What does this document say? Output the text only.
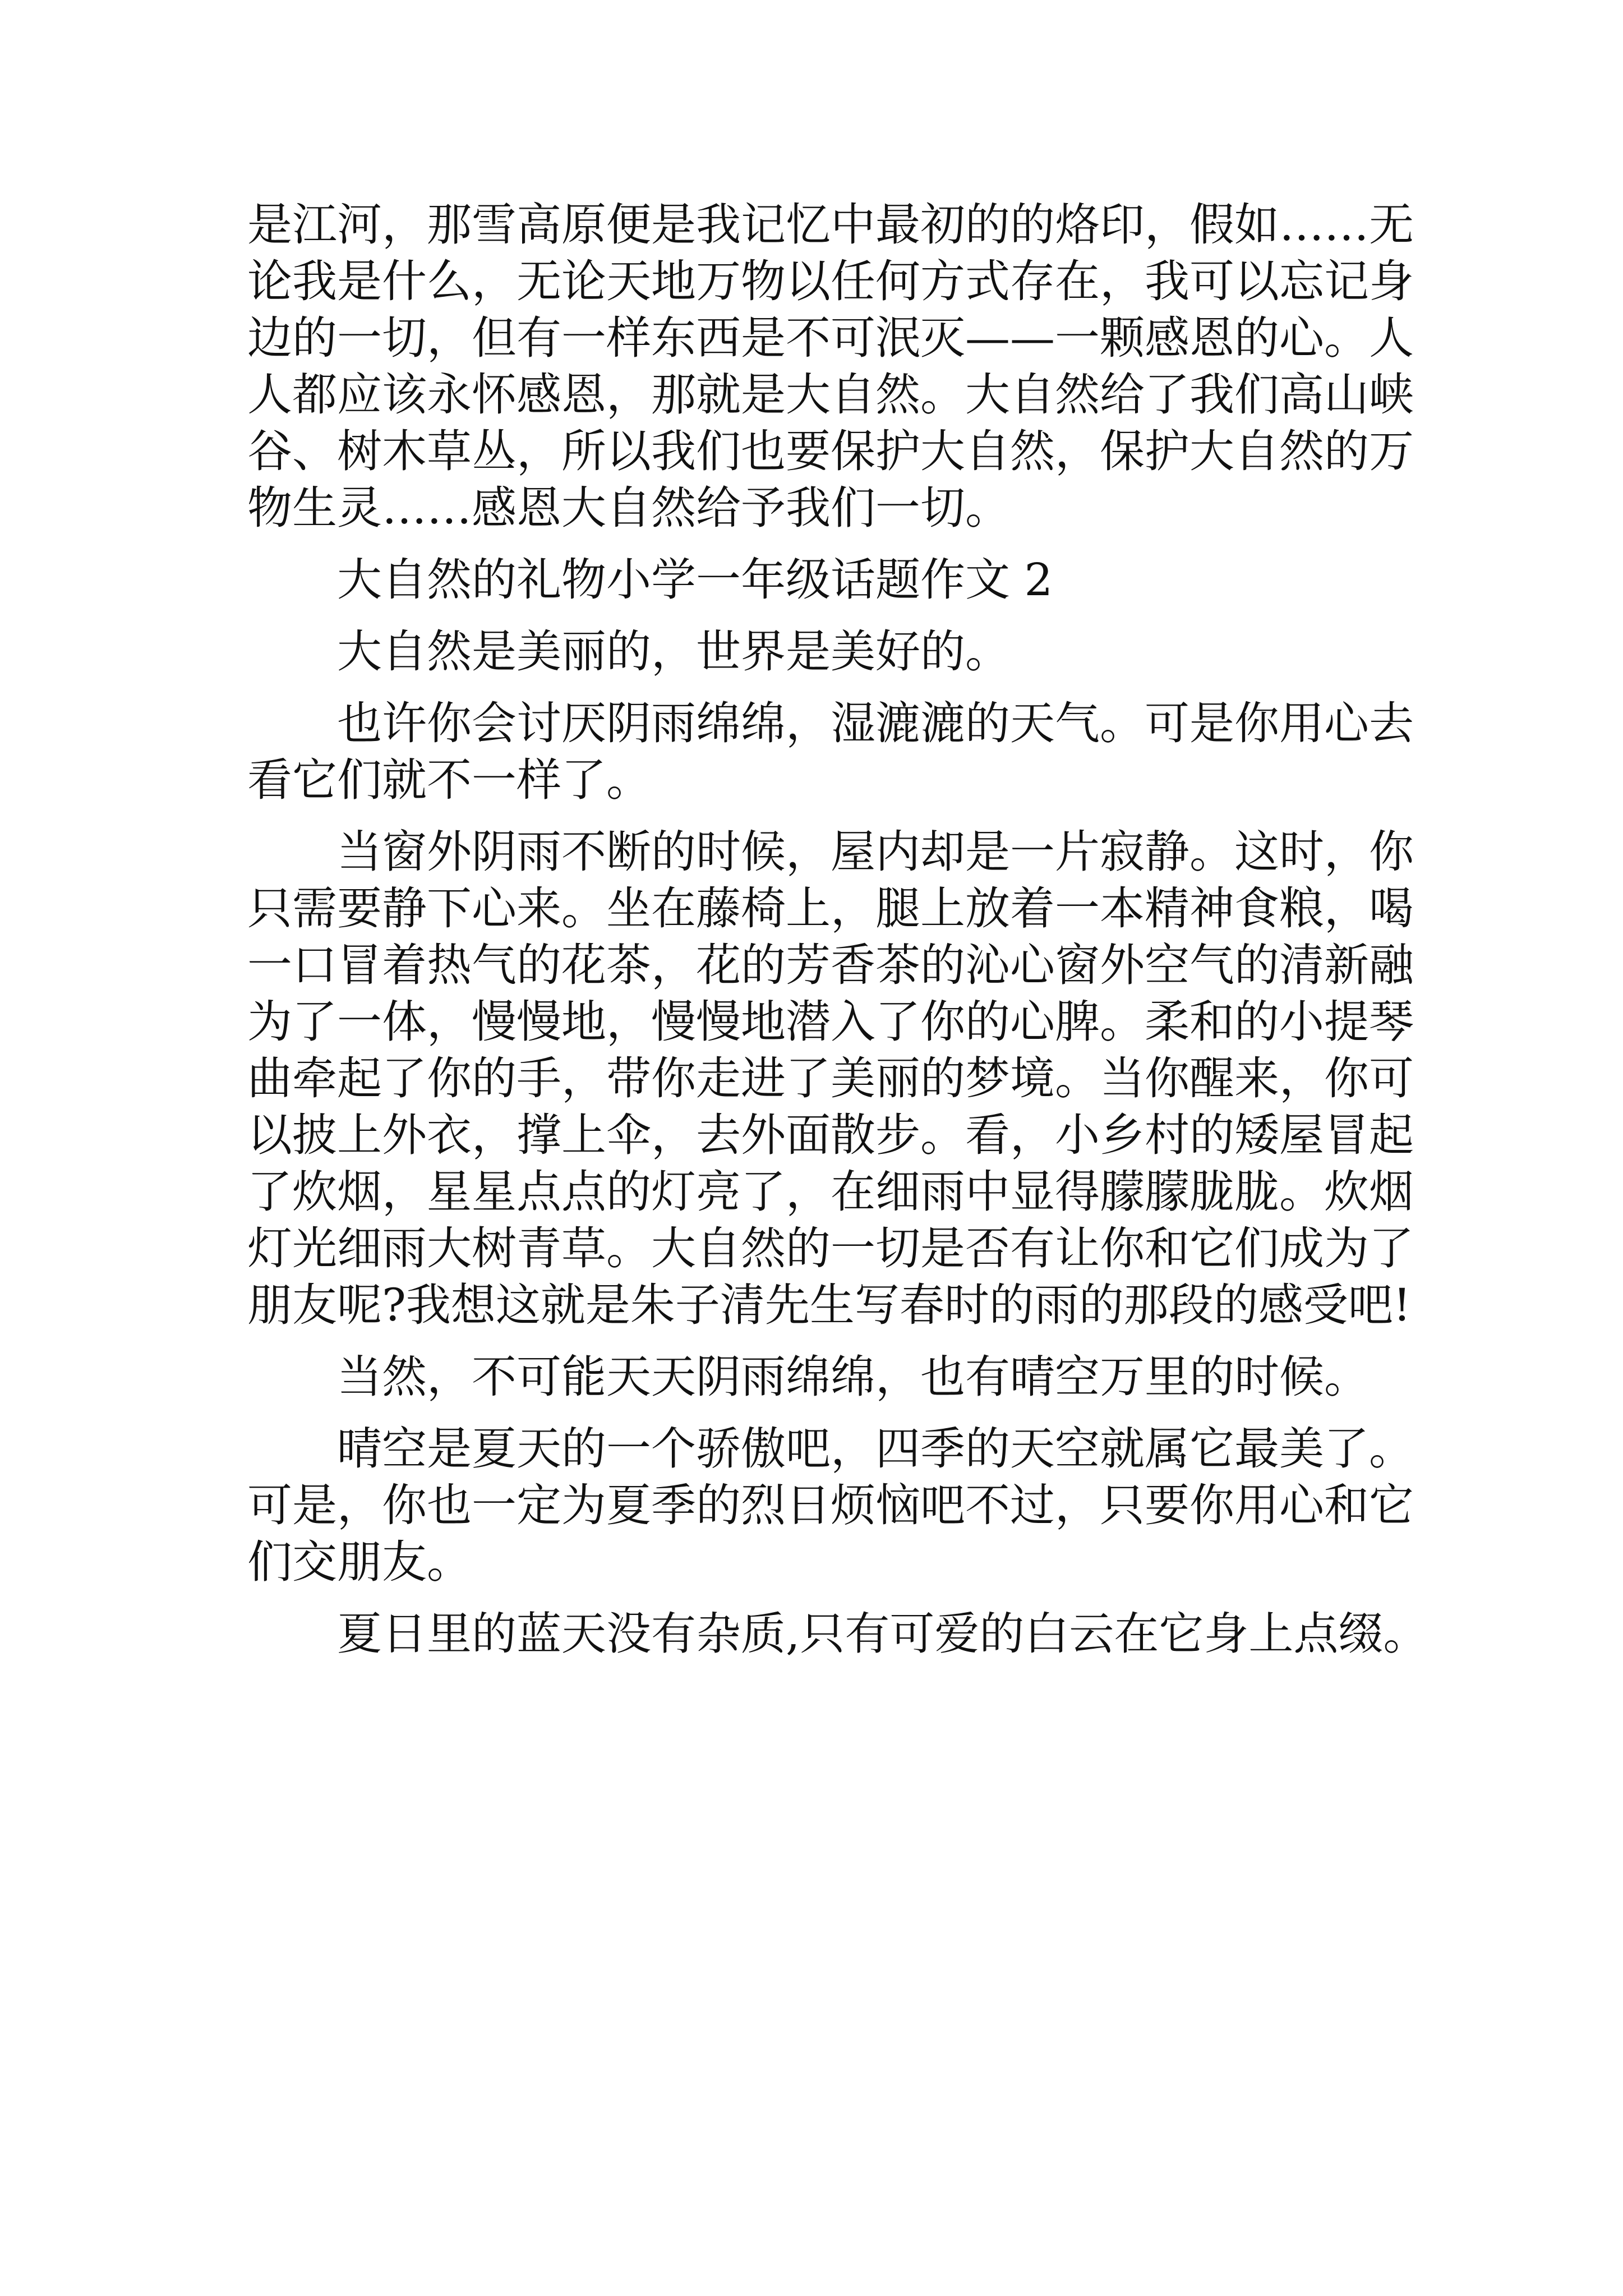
是江河，那雪高原便是我记忆中最初的的烙印，假如……无
论我是什么，无论天地万物以任何方式存在，我可以忘记身
边的一切，但有一样东西是不可泯灭——一颗感恩的心。人
人都应该永怀感恩，那就是大自然。大自然给了我们高山峡
谷、树木草丛，所以我们也要保护大自然，保护大自然的万
物生灵……感恩大自然给予我们一切。
大自然的礼物小学一年级话题作文 2
大自然是美丽的，世界是美好的。
也许你会讨厌阴雨绵绵，湿漉漉的天气。可是你用心去
看它们就不一样了。
当窗外阴雨不断的时候，屋内却是一片寂静。这时，你
只需要静下心来。坐在藤椅上，腿上放着一本精神食粮，喝
一口冒着热气的花茶，花的芳香茶的沁心窗外空气的清新融
为了一体，慢慢地，慢慢地潜入了你的心脾。柔和的小提琴
曲牵起了你的手，带你走进了美丽的梦境。当你醒来，你可
以披上外衣，撑上伞，去外面散步。看，小乡村的矮屋冒起
了炊烟，星星点点的灯亮了，在细雨中显得朦朦胧胧。炊烟
灯光细雨大树青草。大自然的一切是否有让你和它们成为了
朋友呢?我想这就是朱子清先生写春时的雨的那段的感受吧!
当然，不可能天天阴雨绵绵，也有晴空万里的时候。
晴空是夏天的一个骄傲吧，四季的天空就属它最美了。
可是，你也一定为夏季的烈日烦恼吧不过，只要你用心和它
们交朋友。
夏日里的蓝天没有杂质,只有可爱的白云在它身上点缀。
